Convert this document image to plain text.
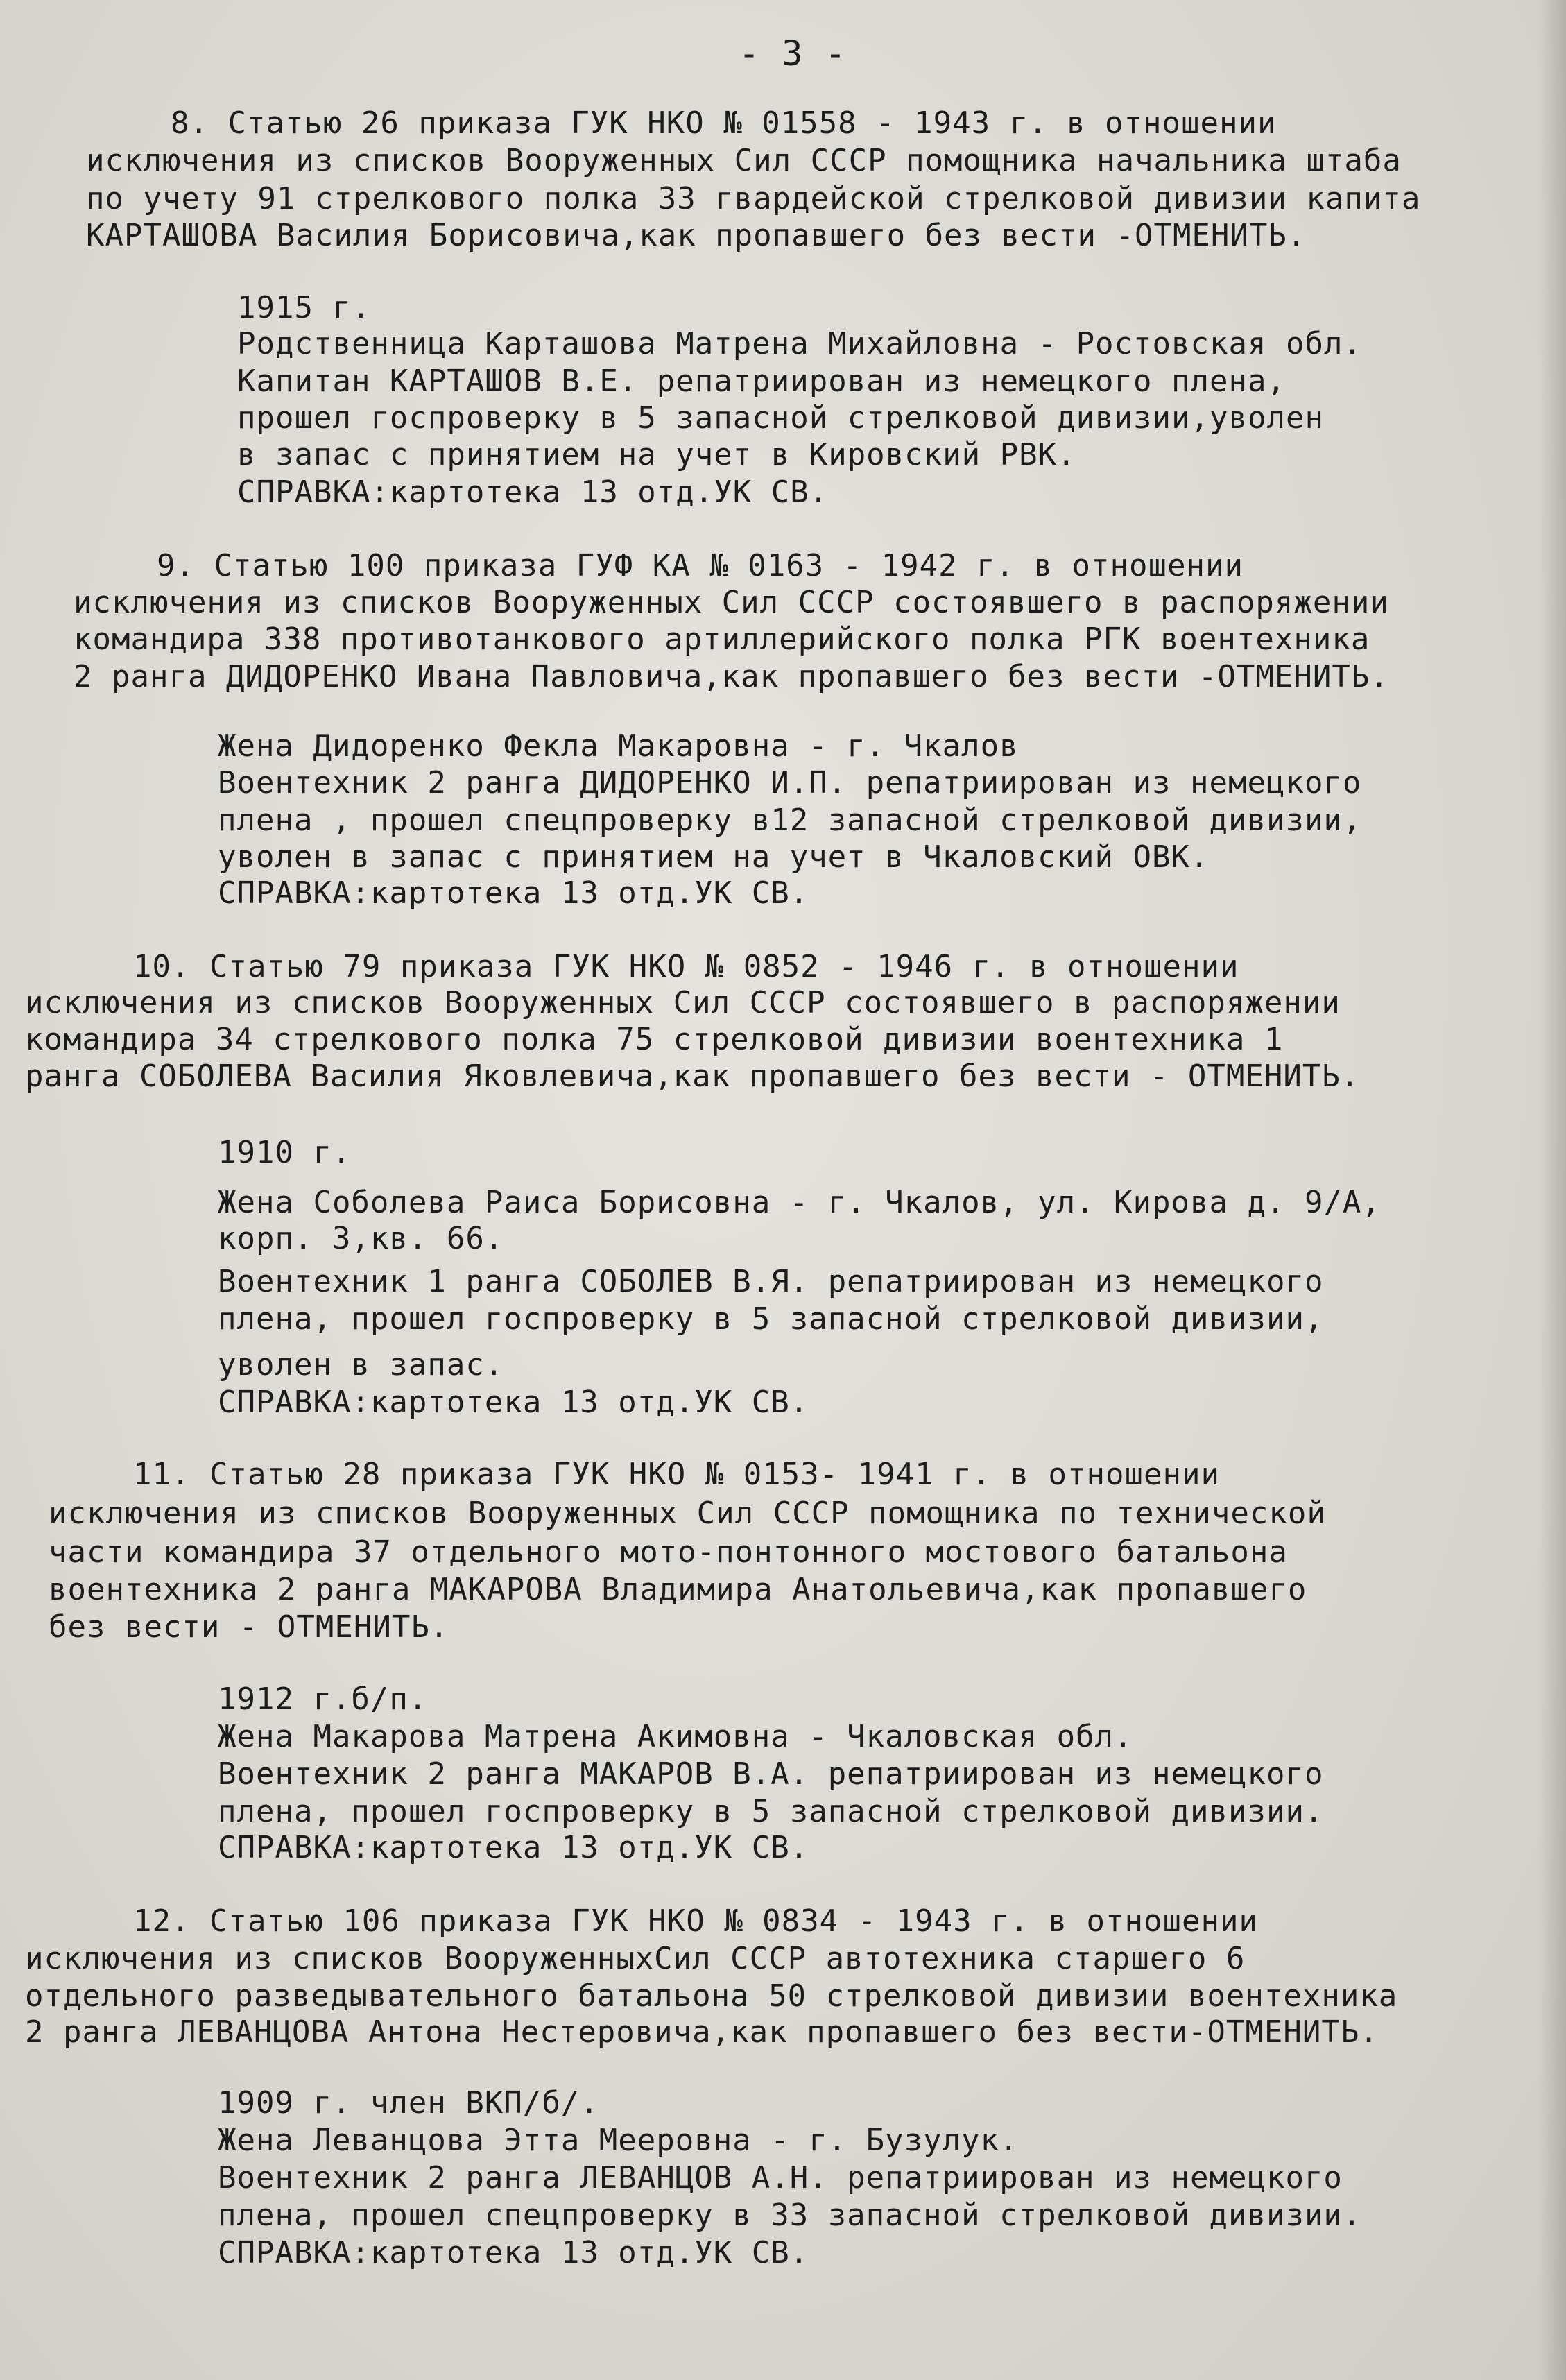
- 3 -
8. Статью 26 приказа ГУК НКО № 01558 - 1943 г. в отношении
исключения из списков Вооруженных Сил СССР помощника начальника штаба
по учету 91 стрелкового полка 33 гвардейской стрелковой дивизии капита
КАРТАШОВА Василия Борисовича,как пропавшего без вести -ОТМЕНИТЬ.
1915 г.
Родственница Карташова Матрена Михайловна - Ростовская обл.
Капитан КАРТАШОВ В.Е. репатриирован из немецкого плена,
прошел госпроверку в 5 запасной стрелковой дивизии,уволен
в запас с принятием на учет в Кировский РВК.
СПРАВКА:картотека 13 отд.УК СВ.
9. Статью 100 приказа ГУФ КА № 0163 - 1942 г. в отношении
исключения из списков Вооруженных Сил СССР состоявшего в распоряжении
командира 338 противотанкового артиллерийского полка РГК воентехника
2 ранга ДИДОРЕНКО Ивана Павловича,как пропавшего без вести -ОТМЕНИТЬ.
Жена Дидоренко Фекла Макаровна - г. Чкалов
Воентехник 2 ранга ДИДОРЕНКО И.П. репатриирован из немецкого
плена , прошел спецпроверку в12 запасной стрелковой дивизии,
уволен в запас с принятием на учет в Чкаловский ОВК.
СПРАВКА:картотека 13 отд.УК СВ.
10. Статью 79 приказа ГУК НКО № 0852 - 1946 г. в отношении
исключения из списков Вооруженных Сил СССР состоявшего в распоряжении
командира 34 стрелкового полка 75 стрелковой дивизии воентехника 1
ранга СОБОЛЕВА Василия Яковлевича,как пропавшего без вести - ОТМЕНИТЬ.
1910 г.
Жена Соболева Раиса Борисовна - г. Чкалов, ул. Кирова д. 9/А,
корп. 3,кв. 66.
Воентехник 1 ранга СОБОЛЕВ В.Я. репатриирован из немецкого
плена, прошел госпроверку в 5 запасной стрелковой дивизии,
уволен в запас.
СПРАВКА:картотека 13 отд.УК СВ.
11. Статью 28 приказа ГУК НКО № 0153- 1941 г. в отношении
исключения из списков Вооруженных Сил СССР помощника по технической
части командира 37 отдельного мото-понтонного мостового батальона
воентехника 2 ранга МАКАРОВА Владимира Анатольевича,как пропавшего
без вести - ОТМЕНИТЬ.
1912 г.б/п.
Жена Макарова Матрена Акимовна - Чкаловская обл.
Воентехник 2 ранга МАКАРОВ В.А. репатриирован из немецкого
плена, прошел госпроверку в 5 запасной стрелковой дивизии.
СПРАВКА:картотека 13 отд.УК СВ.
12. Статью 106 приказа ГУК НКО № 0834 - 1943 г. в отношении
исключения из списков ВооруженныхСил СССР автотехника старшего 6
отдельного разведывательного батальона 50 стрелковой дивизии воентехника
2 ранга ЛЕВАНЦОВА Антона Нестеровича,как пропавшего без вести-ОТМЕНИТЬ.
1909 г. член ВКП/б/.
Жена Леванцова Этта Мееровна - г. Бузулук.
Воентехник 2 ранга ЛЕВАНЦОВ А.Н. репатриирован из немецкого
плена, прошел спецпроверку в 33 запасной стрелковой дивизии.
СПРАВКА:картотека 13 отд.УК СВ.
